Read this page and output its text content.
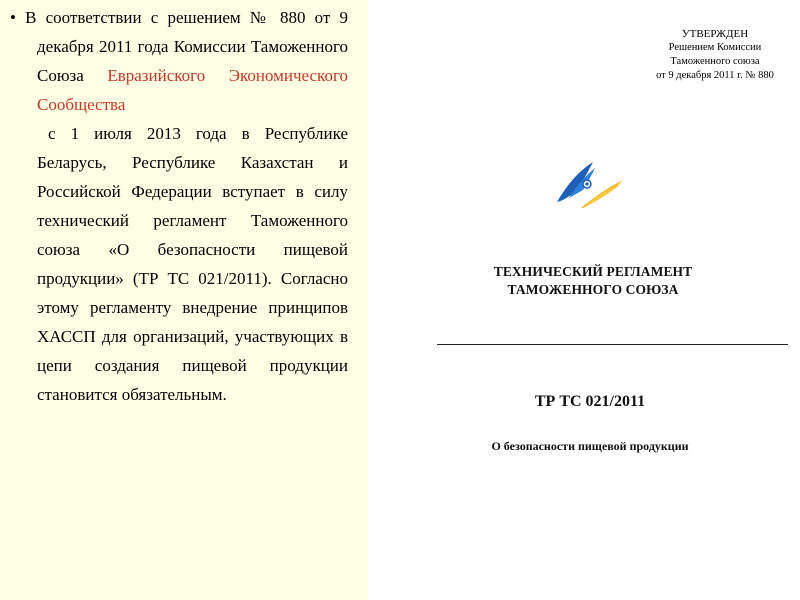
• В соответствии с решением № 880 от 9 декабря 2011 года Комиссии Таможенного Союза Евразийского Экономического Сообщества
с 1 июля 2013 года в Республике Беларусь, Республике Казахстан и Российской Федерации вступает в силу технический регламент Таможенного союза «О безопасности пищевой продукции» (ТР ТС 021/2011). Согласно этому регламенту внедрение принципов ХАССП для организаций, участвующих в цепи создания пищевой продукции становится обязательным.
УТВЕРЖДЕН
Решением Комиссии
Таможенного союза
от 9 декабря 2011 г. № 880
ТЕХНИЧЕСКИЙ РЕГЛАМЕНТ
ТАМОЖЕННОГО СОЮЗА
ТР ТС 021/2011
О безопасности пищевой продукции
